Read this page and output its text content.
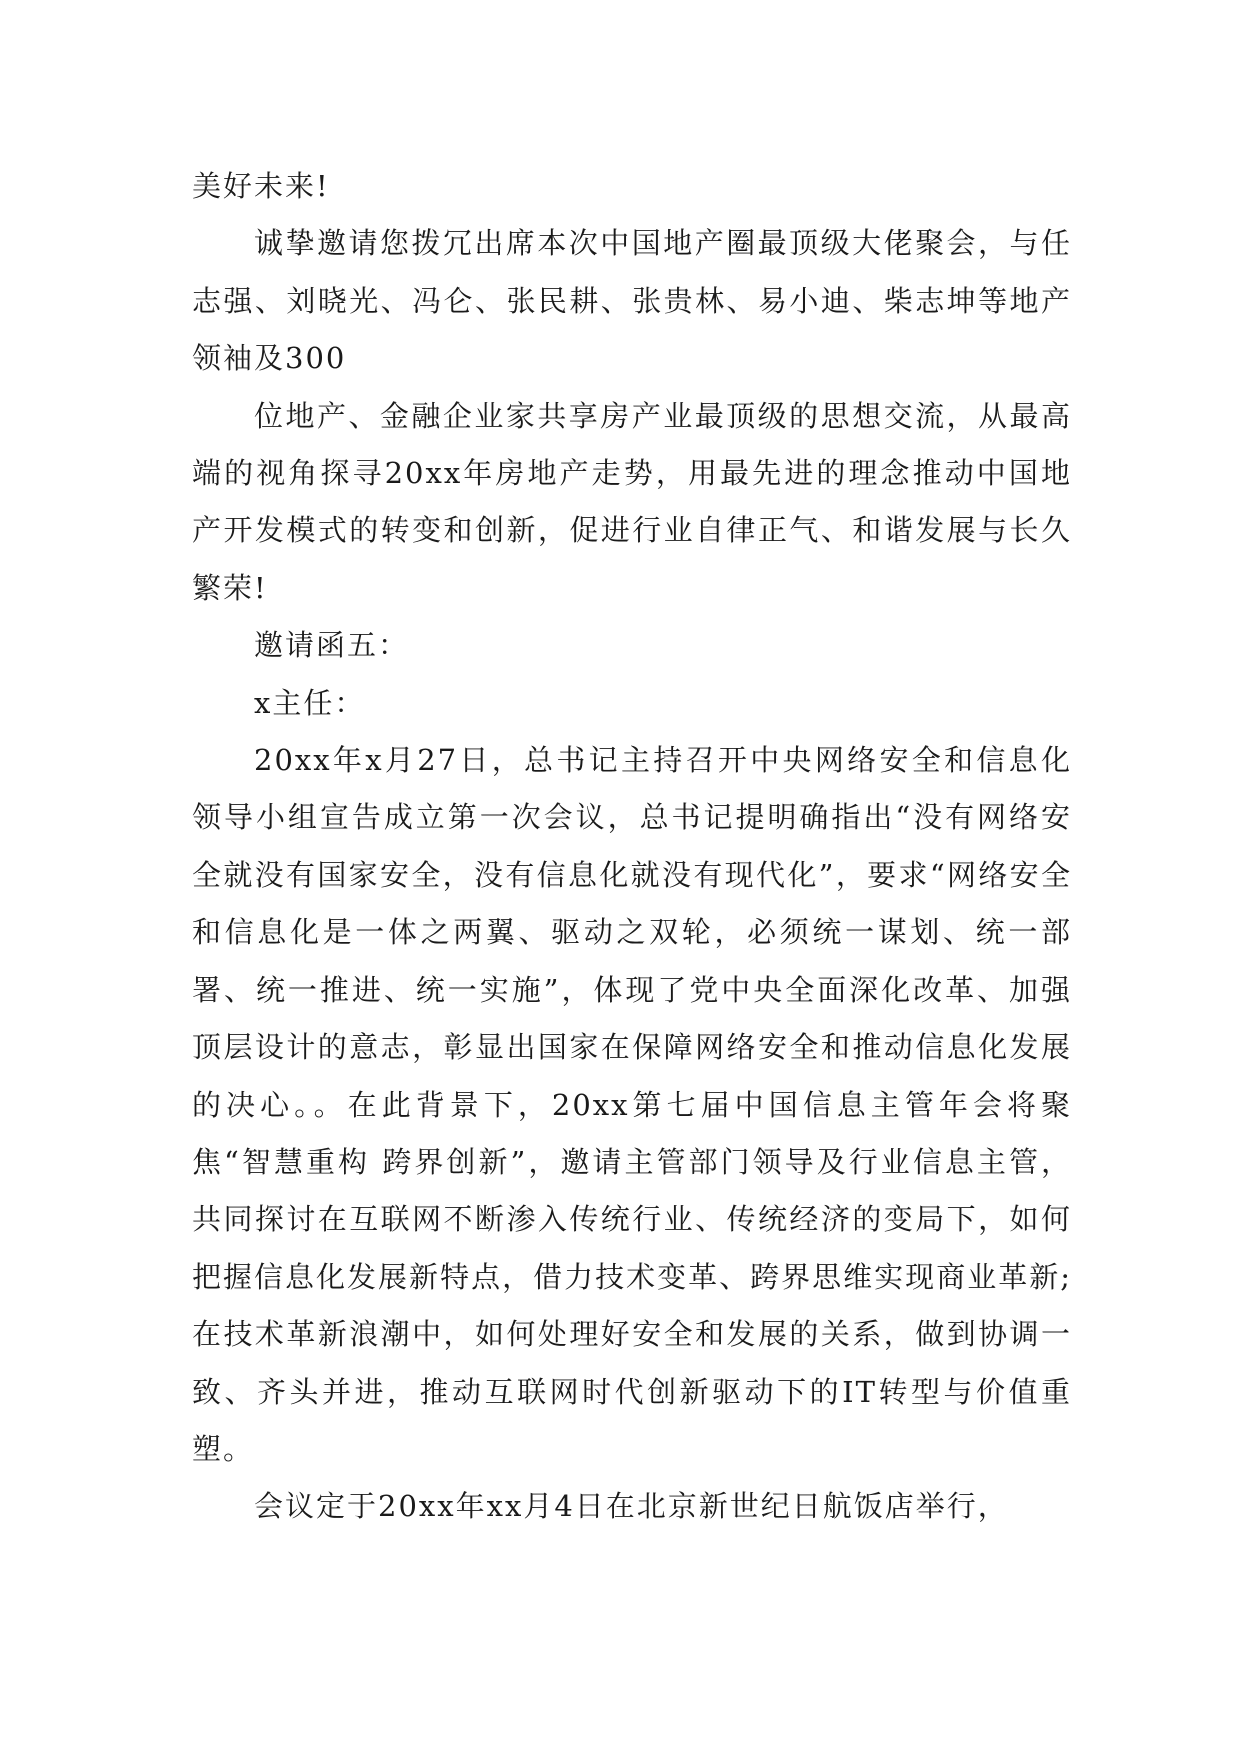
美好未来!

诚挚邀请您拨冗出席本次中国地产圈最顶级大佬聚会，与任志强、刘晓光、冯仑、张民耕、张贵林、易小迪、柴志坤等地产领袖及300

位地产、金融企业家共享房产业最顶级的思想交流，从最高端的视角探寻20xx年房地产走势，用最先进的理念推动中国地产开发模式的转变和创新，促进行业自律正气、和谐发展与长久繁荣!

邀请函五：

x主任：

20xx年x月27日，总书记主持召开中央网络安全和信息化领导小组宣告成立第一次会议，总书记提明确指出“没有网络安全就没有国家安全，没有信息化就没有现代化”，要求“网络安全和信息化是一体之两翼、驱动之双轮，必须统一谋划、统一部署、统一推进、统一实施”，体现了党中央全面深化改革、加强顶层设计的意志，彰显出国家在保障网络安全和推动信息化发展的决心。。在此背景下，20xx第七届中国信息主管年会将聚焦“智慧重构 跨界创新”，邀请主管部门领导及行业信息主管，共同探讨在互联网不断渗入传统行业、传统经济的变局下，如何把握信息化发展新特点，借力技术变革、跨界思维实现商业革新;在技术革新浪潮中，如何处理好安全和发展的关系，做到协调一致、齐头并进，推动互联网时代创新驱动下的IT转型与价值重塑。

会议定于20xx年xx月4日在北京新世纪日航饭店举行，
